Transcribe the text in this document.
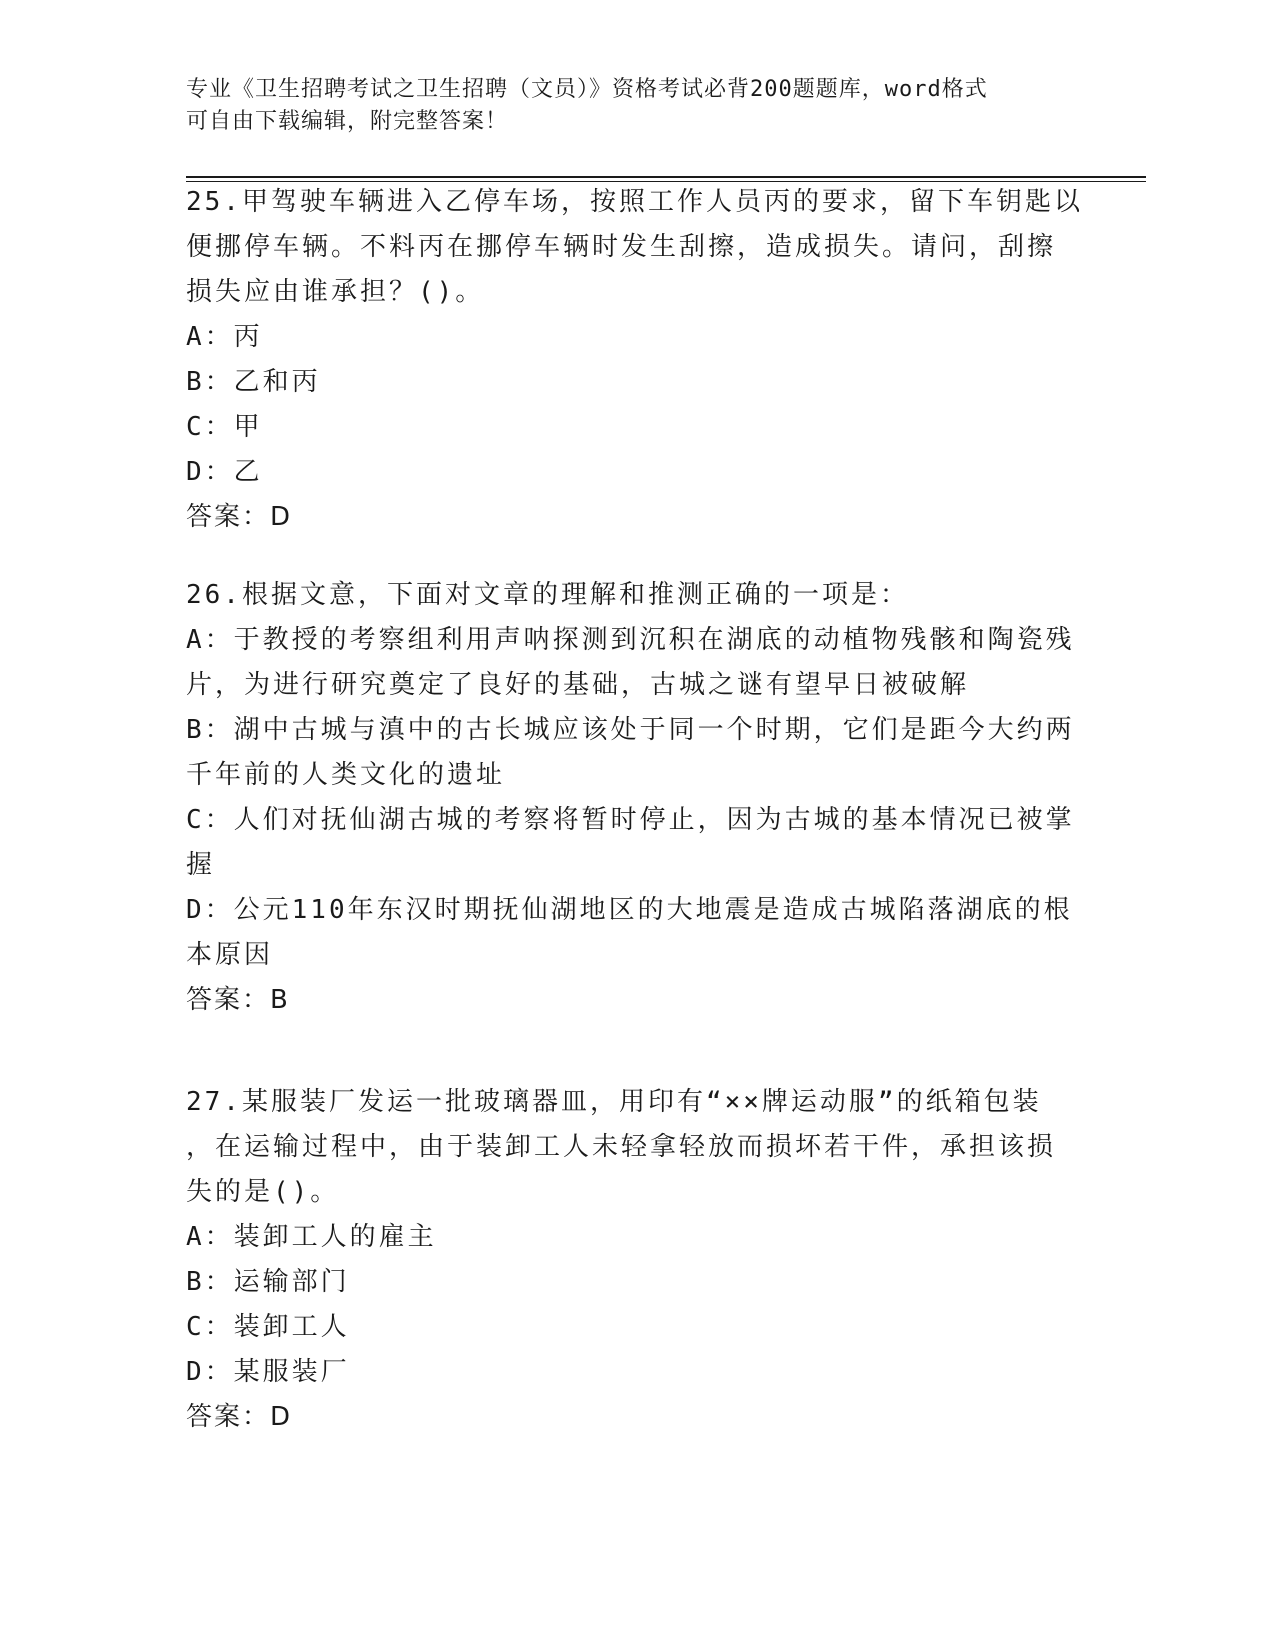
专业《卫生招聘考试之卫生招聘（文员）》资格考试必背200题题库，word格式
可自由下载编辑，附完整答案！
25.甲驾驶车辆进入乙停车场，按照工作人员丙的要求，留下车钥匙以
便挪停车辆。不料丙在挪停车辆时发生刮擦，造成损失。请问，刮擦
损失应由谁承担？()。
A：丙
B：乙和丙
C：甲
D：乙
答案：D
26.根据文意，下面对文章的理解和推测正确的一项是：
A：于教授的考察组利用声呐探测到沉积在湖底的动植物残骸和陶瓷残
片，为进行研究奠定了良好的基础，古城之谜有望早日被破解
B：湖中古城与滇中的古长城应该处于同一个时期，它们是距今大约两
千年前的人类文化的遗址
C：人们对抚仙湖古城的考察将暂时停止，因为古城的基本情况已被掌
握
D：公元110年东汉时期抚仙湖地区的大地震是造成古城陷落湖底的根
本原因
答案：B
27.某服装厂发运一批玻璃器皿，用印有“××牌运动服”的纸箱包装
，在运输过程中，由于装卸工人未轻拿轻放而损坏若干件，承担该损
失的是()。
A：装卸工人的雇主
B：运输部门
C：装卸工人
D：某服装厂
答案：D
